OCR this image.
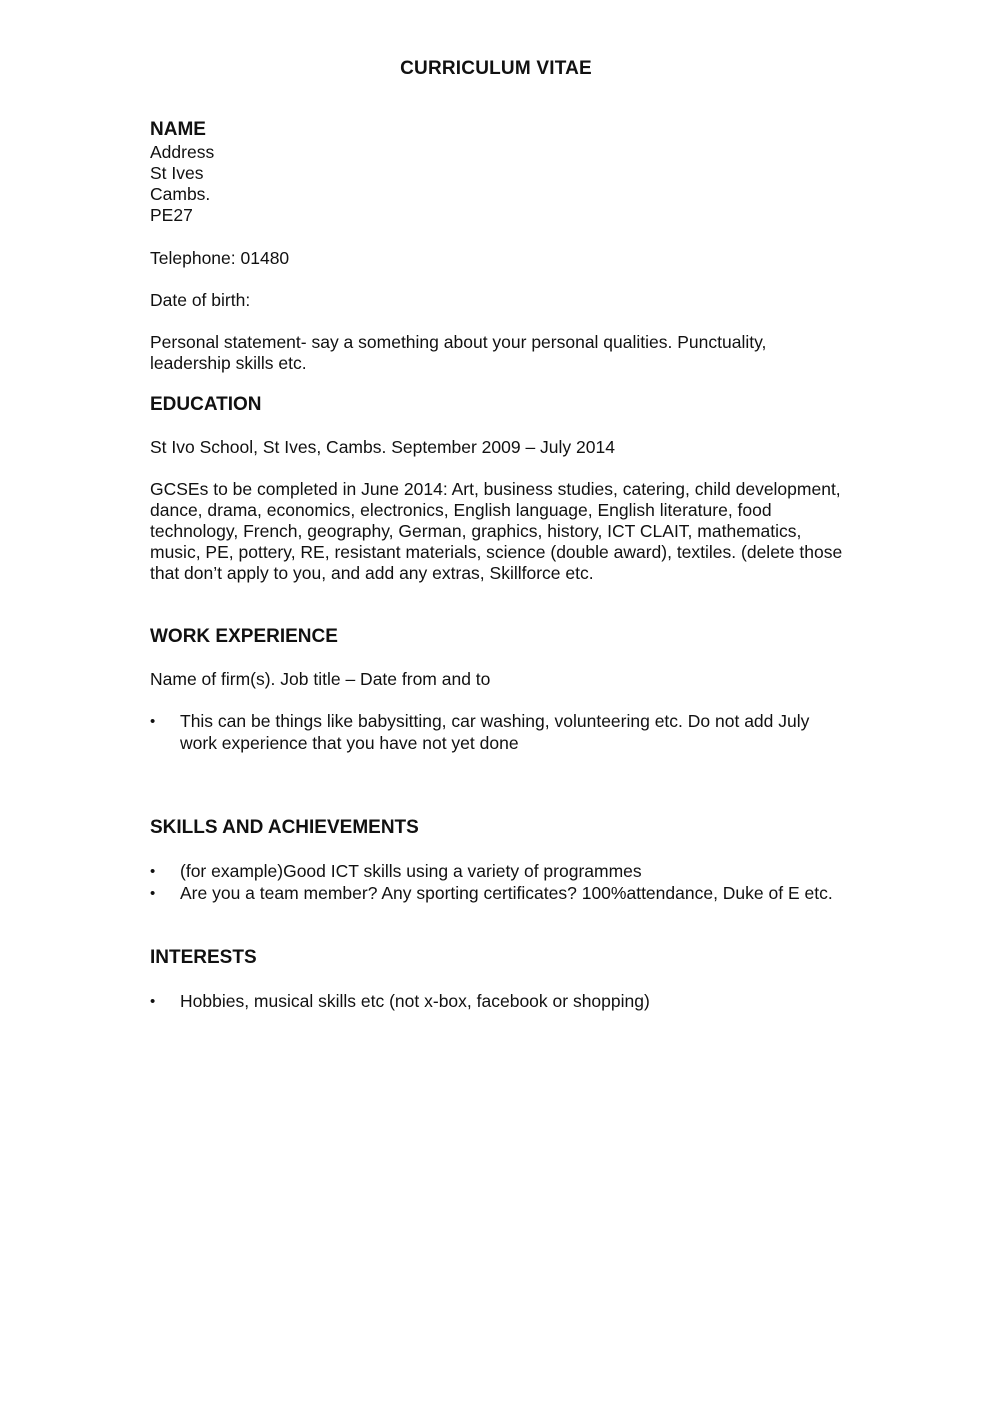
CURRICULUM VITAE
NAME
Address
St Ives
Cambs.
PE27

Telephone: 01480

Date of birth:

Personal statement- say a something about your personal qualities. Punctuality, leadership skills etc.

EDUCATION

St Ivo School, St Ives, Cambs. September 2009 – July 2014

GCSEs to be completed in June 2014: Art, business studies, catering, child development, dance, drama, economics, electronics, English language, English literature, food technology, French, geography, German, graphics, history, ICT CLAIT, mathematics, music, PE, pottery, RE, resistant materials, science (double award), textiles. (delete those that don’t apply to you, and add any extras, Skillforce etc.

WORK EXPERIENCE

Name of firm(s). Job title – Date from and to

•	This can be things like babysitting, car washing, volunteering etc. Do not add July work experience that you have not yet done
SKILLS AND ACHIEVEMENTS
•	(for example)Good ICT skills using a variety of programmes
•	Are you a team member? Any sporting certificates? 100%attendance, Duke of E etc.
INTERESTS
•	Hobbies, musical skills etc (not x-box, facebook or shopping)
